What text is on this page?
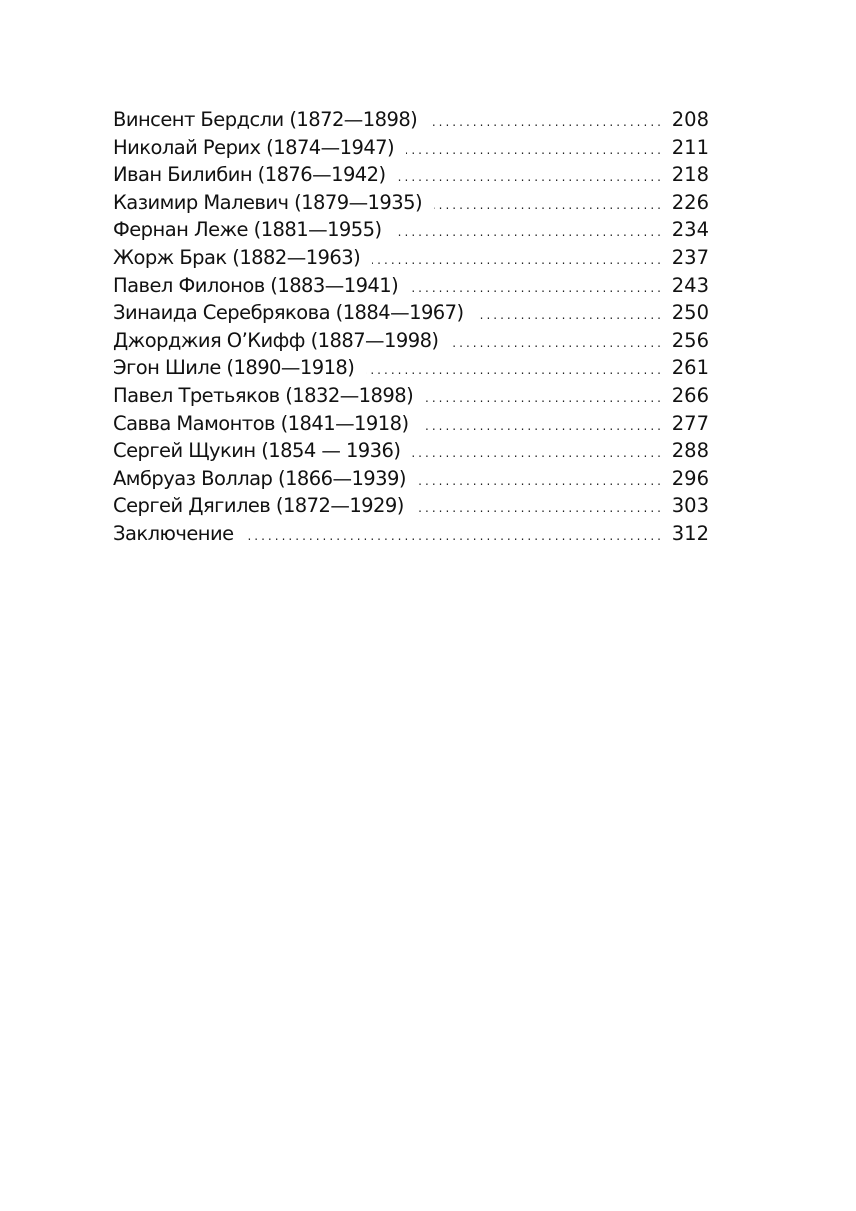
Винсент Бердсли (1872—1898) . . .	208
Николай Рерих (1874—1947) . . .	211
Иван Билибин (1876—1942) . . .	218
Казимир Малевич (1879—1935) . . .	226
Фернан Леже (1881—1955) . . .	234
Жорж Брак (1882—1963) . . .	237
Павел Филонов (1883—1941) . . .	243
Зинаида Серебрякова (1884—1967) . . .	250
Джорджия О’Кифф (1887—1998) . . .	256
Эгон Шиле (1890—1918) . . .	261
Павел Третьяков (1832—1898) . . .	266
Савва Мамонтов (1841—1918) . . .	277
Сергей Щукин (1854 — 1936) . . .	288
Амбруаз Воллар (1866—1939) . . .	296
Сергей Дягилев (1872—1929) . . .	303
Заключение . . .	312
